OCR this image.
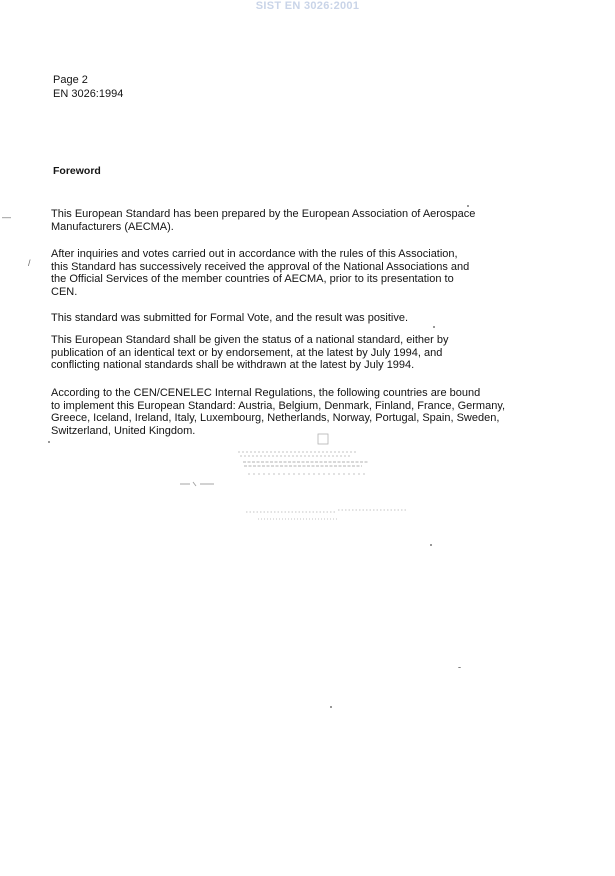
SIST EN 3026:2001
Page 2
EN 3026:1994
Foreword

This European Standard has been prepared by the European Association of Aerospace
Manufacturers (AECMA).

After inquiries and votes carried out in accordance with the rules of this Association,
this Standard has successively received the approval of the National Associations and
the Official Services of the member countries of AECMA, prior to its presentation to
CEN.

This standard was submitted for Formal Vote, and the result was positive.

This European Standard shall be given the status of a national standard, either by
publication of an identical text or by endorsement, at the latest by July 1994, and
conflicting national standards shall be withdrawn at the latest by July 1994.

According to the CEN/CENELEC Internal Regulations, the following countries are bound
to implement this European Standard: Austria, Belgium, Denmark, Finland, France, Germany,
Greece, Iceland, Ireland, Italy, Luxembourg, Netherlands, Norway, Portugal, Spain, Sweden,
Switzerland, United Kingdom.

—
/
